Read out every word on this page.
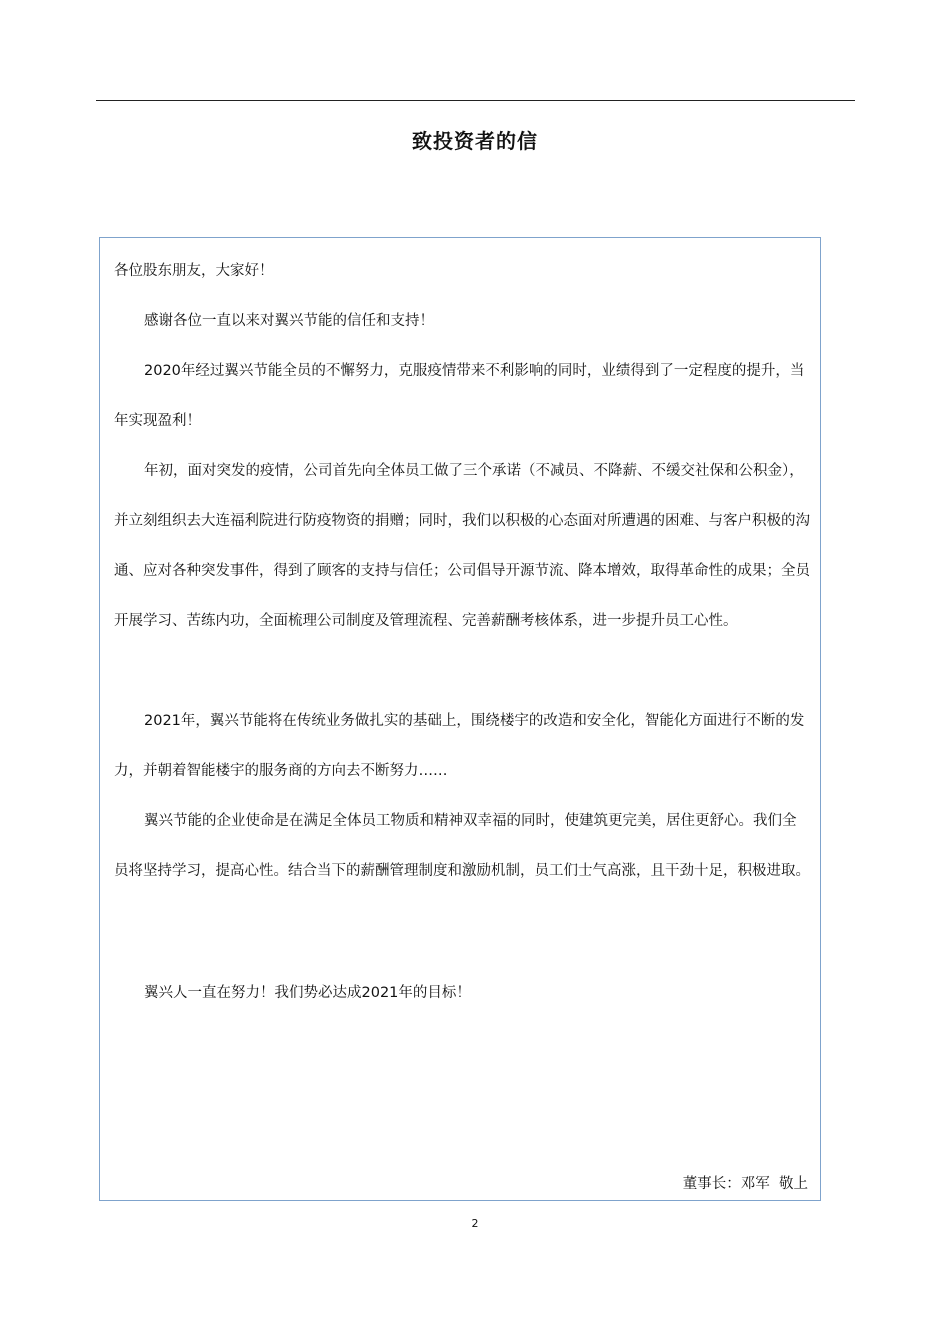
致投资者的信

各位股东朋友，大家好！

感谢各位一直以来对翼兴节能的信任和支持！

2020年经过翼兴节能全员的不懈努力，克服疫情带来不利影响的同时，业绩得到了一定程度的提升，当年实现盈利！

年初，面对突发的疫情，公司首先向全体员工做了三个承诺（不减员、不降薪、不缓交社保和公积金），并立刻组织去大连福利院进行防疫物资的捐赠；同时，我们以积极的心态面对所遭遇的困难、与客户积极的沟通、应对各种突发事件，得到了顾客的支持与信任；公司倡导开源节流、降本增效，取得革命性的成果；全员开展学习、苦练内功，全面梳理公司制度及管理流程、完善薪酬考核体系，进一步提升员工心性。

2021年，翼兴节能将在传统业务做扎实的基础上，围绕楼宇的改造和安全化，智能化方面进行不断的发力，并朝着智能楼宇的服务商的方向去不断努力……

翼兴节能的企业使命是在满足全体员工物质和精神双幸福的同时，使建筑更完美，居住更舒心。我们全员将坚持学习，提高心性。结合当下的薪酬管理制度和激励机制，员工们士气高涨，且干劲十足，积极进取。

翼兴人一直在努力！我们势必达成2021年的目标！

董事长：邓军  敬上
2
